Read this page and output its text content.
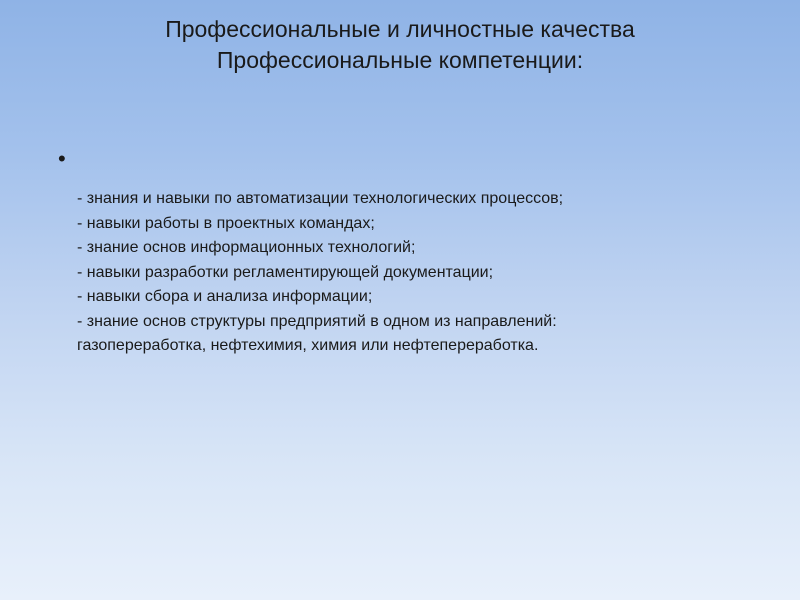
Профессиональные и личностные качества
Профессиональные компетенции:
•
- знания и навыки по автоматизации технологических процессов;
- навыки работы в проектных командах;
- знание основ информационных технологий;
- навыки разработки регламентирующей документации;
- навыки сбора и анализа информации;
- знание основ структуры предприятий в одном из направлений:
газопереработка, нефтехимия, химия или нефтепереработка.
